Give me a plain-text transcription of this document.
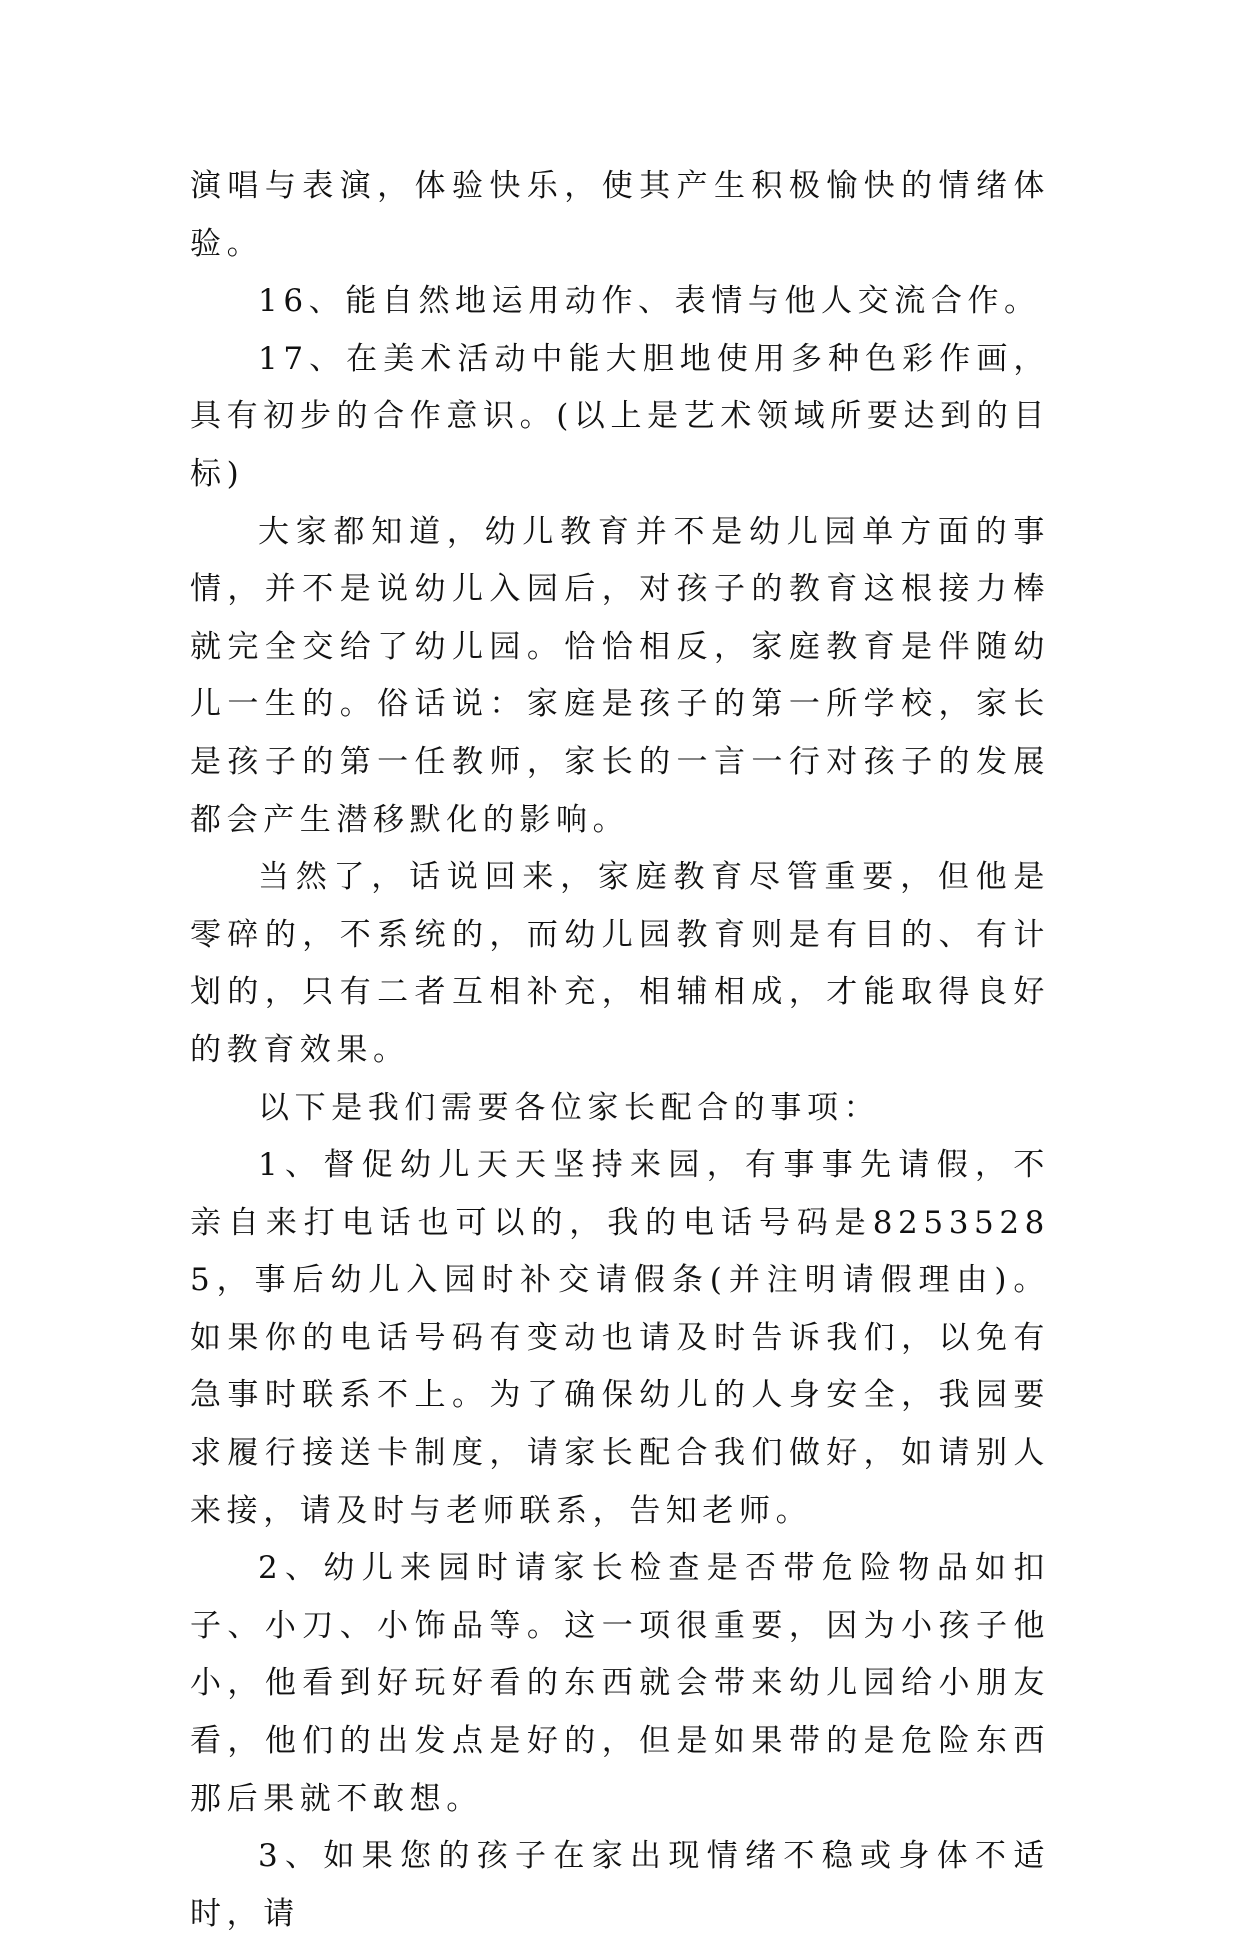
演唱与表演，体验快乐，使其产生积极愉快的情绪体验。

16、能自然地运用动作、表情与他人交流合作。

17、在美术活动中能大胆地使用多种色彩作画，具有初步的合作意识。(以上是艺术领域所要达到的目标)

大家都知道，幼儿教育并不是幼儿园单方面的事情，并不是说幼儿入园后，对孩子的教育这根接力棒就完全交给了幼儿园。恰恰相反，家庭教育是伴随幼儿一生的。俗话说：家庭是孩子的第一所学校，家长是孩子的第一任教师，家长的一言一行对孩子的发展都会产生潜移默化的影响。

当然了，话说回来，家庭教育尽管重要，但他是零碎的，不系统的，而幼儿园教育则是有目的、有计划的，只有二者互相补充，相辅相成，才能取得良好的教育效果。

以下是我们需要各位家长配合的事项：

1、督促幼儿天天坚持来园，有事事先请假，不亲自来打电话也可以的，我的电话号码是82535285，事后幼儿入园时补交请假条(并注明请假理由)。如果你的电话号码有变动也请及时告诉我们，以免有急事时联系不上。为了确保幼儿的人身安全，我园要求履行接送卡制度，请家长配合我们做好，如请别人来接，请及时与老师联系，告知老师。

2、幼儿来园时请家长检查是否带危险物品如扣子、小刀、小饰品等。这一项很重要，因为小孩子他小，他看到好玩好看的东西就会带来幼儿园给小朋友看，他们的出发点是好的，但是如果带的是危险东西那后果就不敢想。

3、如果您的孩子在家出现情绪不稳或身体不适时，请
